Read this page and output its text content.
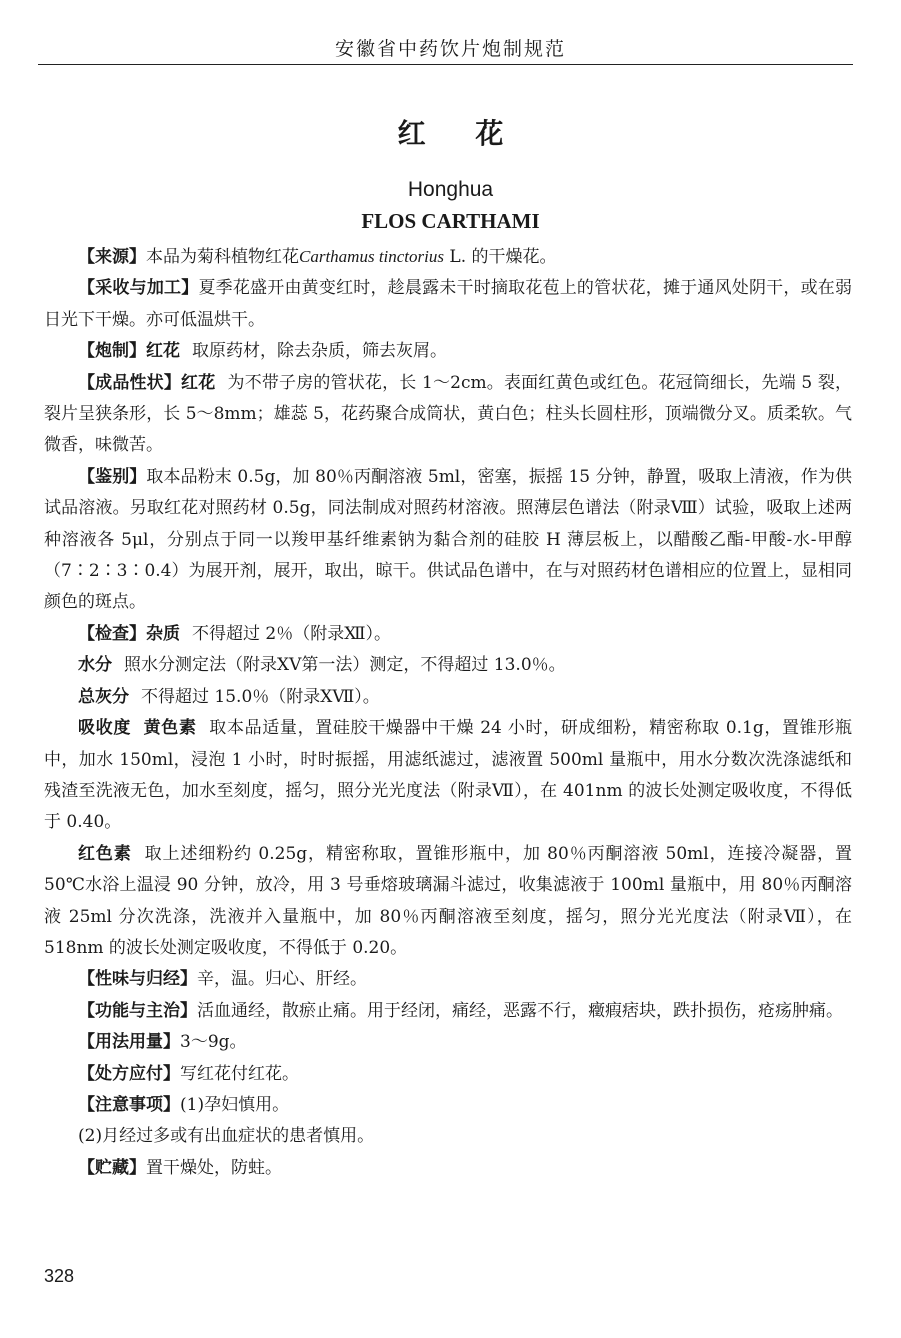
安徽省中药饮片炮制规范
红 花
Honghua
FLOS CARTHAMI

【来源】本品为菊科植物红花Carthamus tinctorius L. 的干燥花。

【采收与加工】夏季花盛开由黄变红时，趁晨露未干时摘取花苞上的管状花，摊于通风处阴干，或在弱日光下干燥。亦可低温烘干。

【炮制】红花 取原药材，除去杂质，筛去灰屑。

【成品性状】红花 为不带子房的管状花，长 1～2cm。表面红黄色或红色。花冠筒细长，先端 5 裂，裂片呈狭条形，长 5～8mm；雄蕊 5，花药聚合成筒状，黄白色；柱头长圆柱形，顶端微分叉。质柔软。气微香，味微苦。

【鉴别】取本品粉末 0.5g，加 80％丙酮溶液 5ml，密塞，振摇 15 分钟，静置，吸取上清液，作为供试品溶液。另取红花对照药材 0.5g，同法制成对照药材溶液。照薄层色谱法（附录Ⅷ）试验，吸取上述两种溶液各 5μl，分别点于同一以羧甲基纤维素钠为黏合剂的硅胶 H 薄层板上，以醋酸乙酯-甲酸-水-甲醇（7∶2∶3∶0.4）为展开剂，展开，取出，晾干。供试品色谱中，在与对照药材色谱相应的位置上，显相同颜色的斑点。

【检查】杂质 不得超过 2％（附录Ⅻ）。

水分 照水分测定法（附录ⅩⅤ第一法）测定，不得超过 13.0％。

总灰分 不得超过 15.0％（附录ⅩⅦ）。

吸收度 黄色素 取本品适量，置硅胶干燥器中干燥 24 小时，研成细粉，精密称取 0.1g，置锥形瓶中，加水 150ml，浸泡 1 小时，时时振摇，用滤纸滤过，滤液置 500ml 量瓶中，用水分数次洗涤滤纸和残渣至洗液无色，加水至刻度，摇匀，照分光光度法（附录Ⅶ），在 401nm 的波长处测定吸收度，不得低于 0.40。

红色素 取上述细粉约 0.25g，精密称取，置锥形瓶中，加 80％丙酮溶液 50ml，连接冷凝器，置 50℃水浴上温浸 90 分钟，放冷，用 3 号垂熔玻璃漏斗滤过，收集滤液于 100ml 量瓶中，用 80％丙酮溶液 25ml 分次洗涤，洗液并入量瓶中，加 80％丙酮溶液至刻度，摇匀，照分光光度法（附录Ⅶ），在 518nm 的波长处测定吸收度，不得低于 0.20。

【性味与归经】辛，温。归心、肝经。

【功能与主治】活血通经，散瘀止痛。用于经闭，痛经，恶露不行，癥瘕痞块，跌扑损伤，疮疡肿痛。

【用法用量】3～9g。

【处方应付】写红花付红花。

【注意事项】(1)孕妇慎用。

(2)月经过多或有出血症状的患者慎用。

【贮藏】置干燥处，防蛀。

328
